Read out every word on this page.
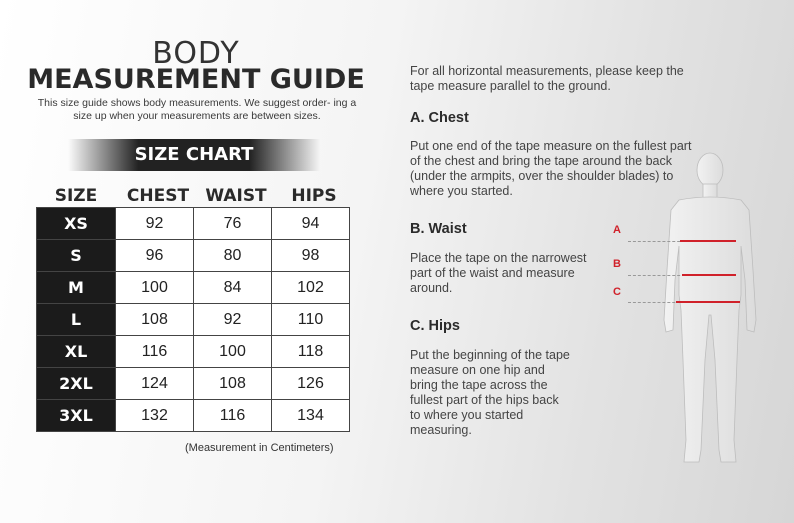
BODY
MEASUREMENT GUIDE
This size guide shows body measurements. We suggest order- ing a size up when your measurements are between sizes.
SIZE CHART
SIZE	CHEST WAIST	HIPS
XS	92	76	94
S	96	80	98
M	100	84	102
L	108	92	110
XL	116	100	118
2XL	124	108	126
3XL	132	116	134
(Measurement in Centimeters)
For all horizontal measurements, please keep the tape measure parallel to the ground.
A. Chest
Put one end of the tape measure on the fullest part of the chest and bring the tape around the back (under the armpits, over the shoulder blades) to where you started.
B. Waist
Place the tape on the narrowest part of the waist and measure around.
C. Hips
Put the beginning of the tape measure on one hip and bring the tape across the fullest part of the hips back to where you started measuring.
A
B
C
